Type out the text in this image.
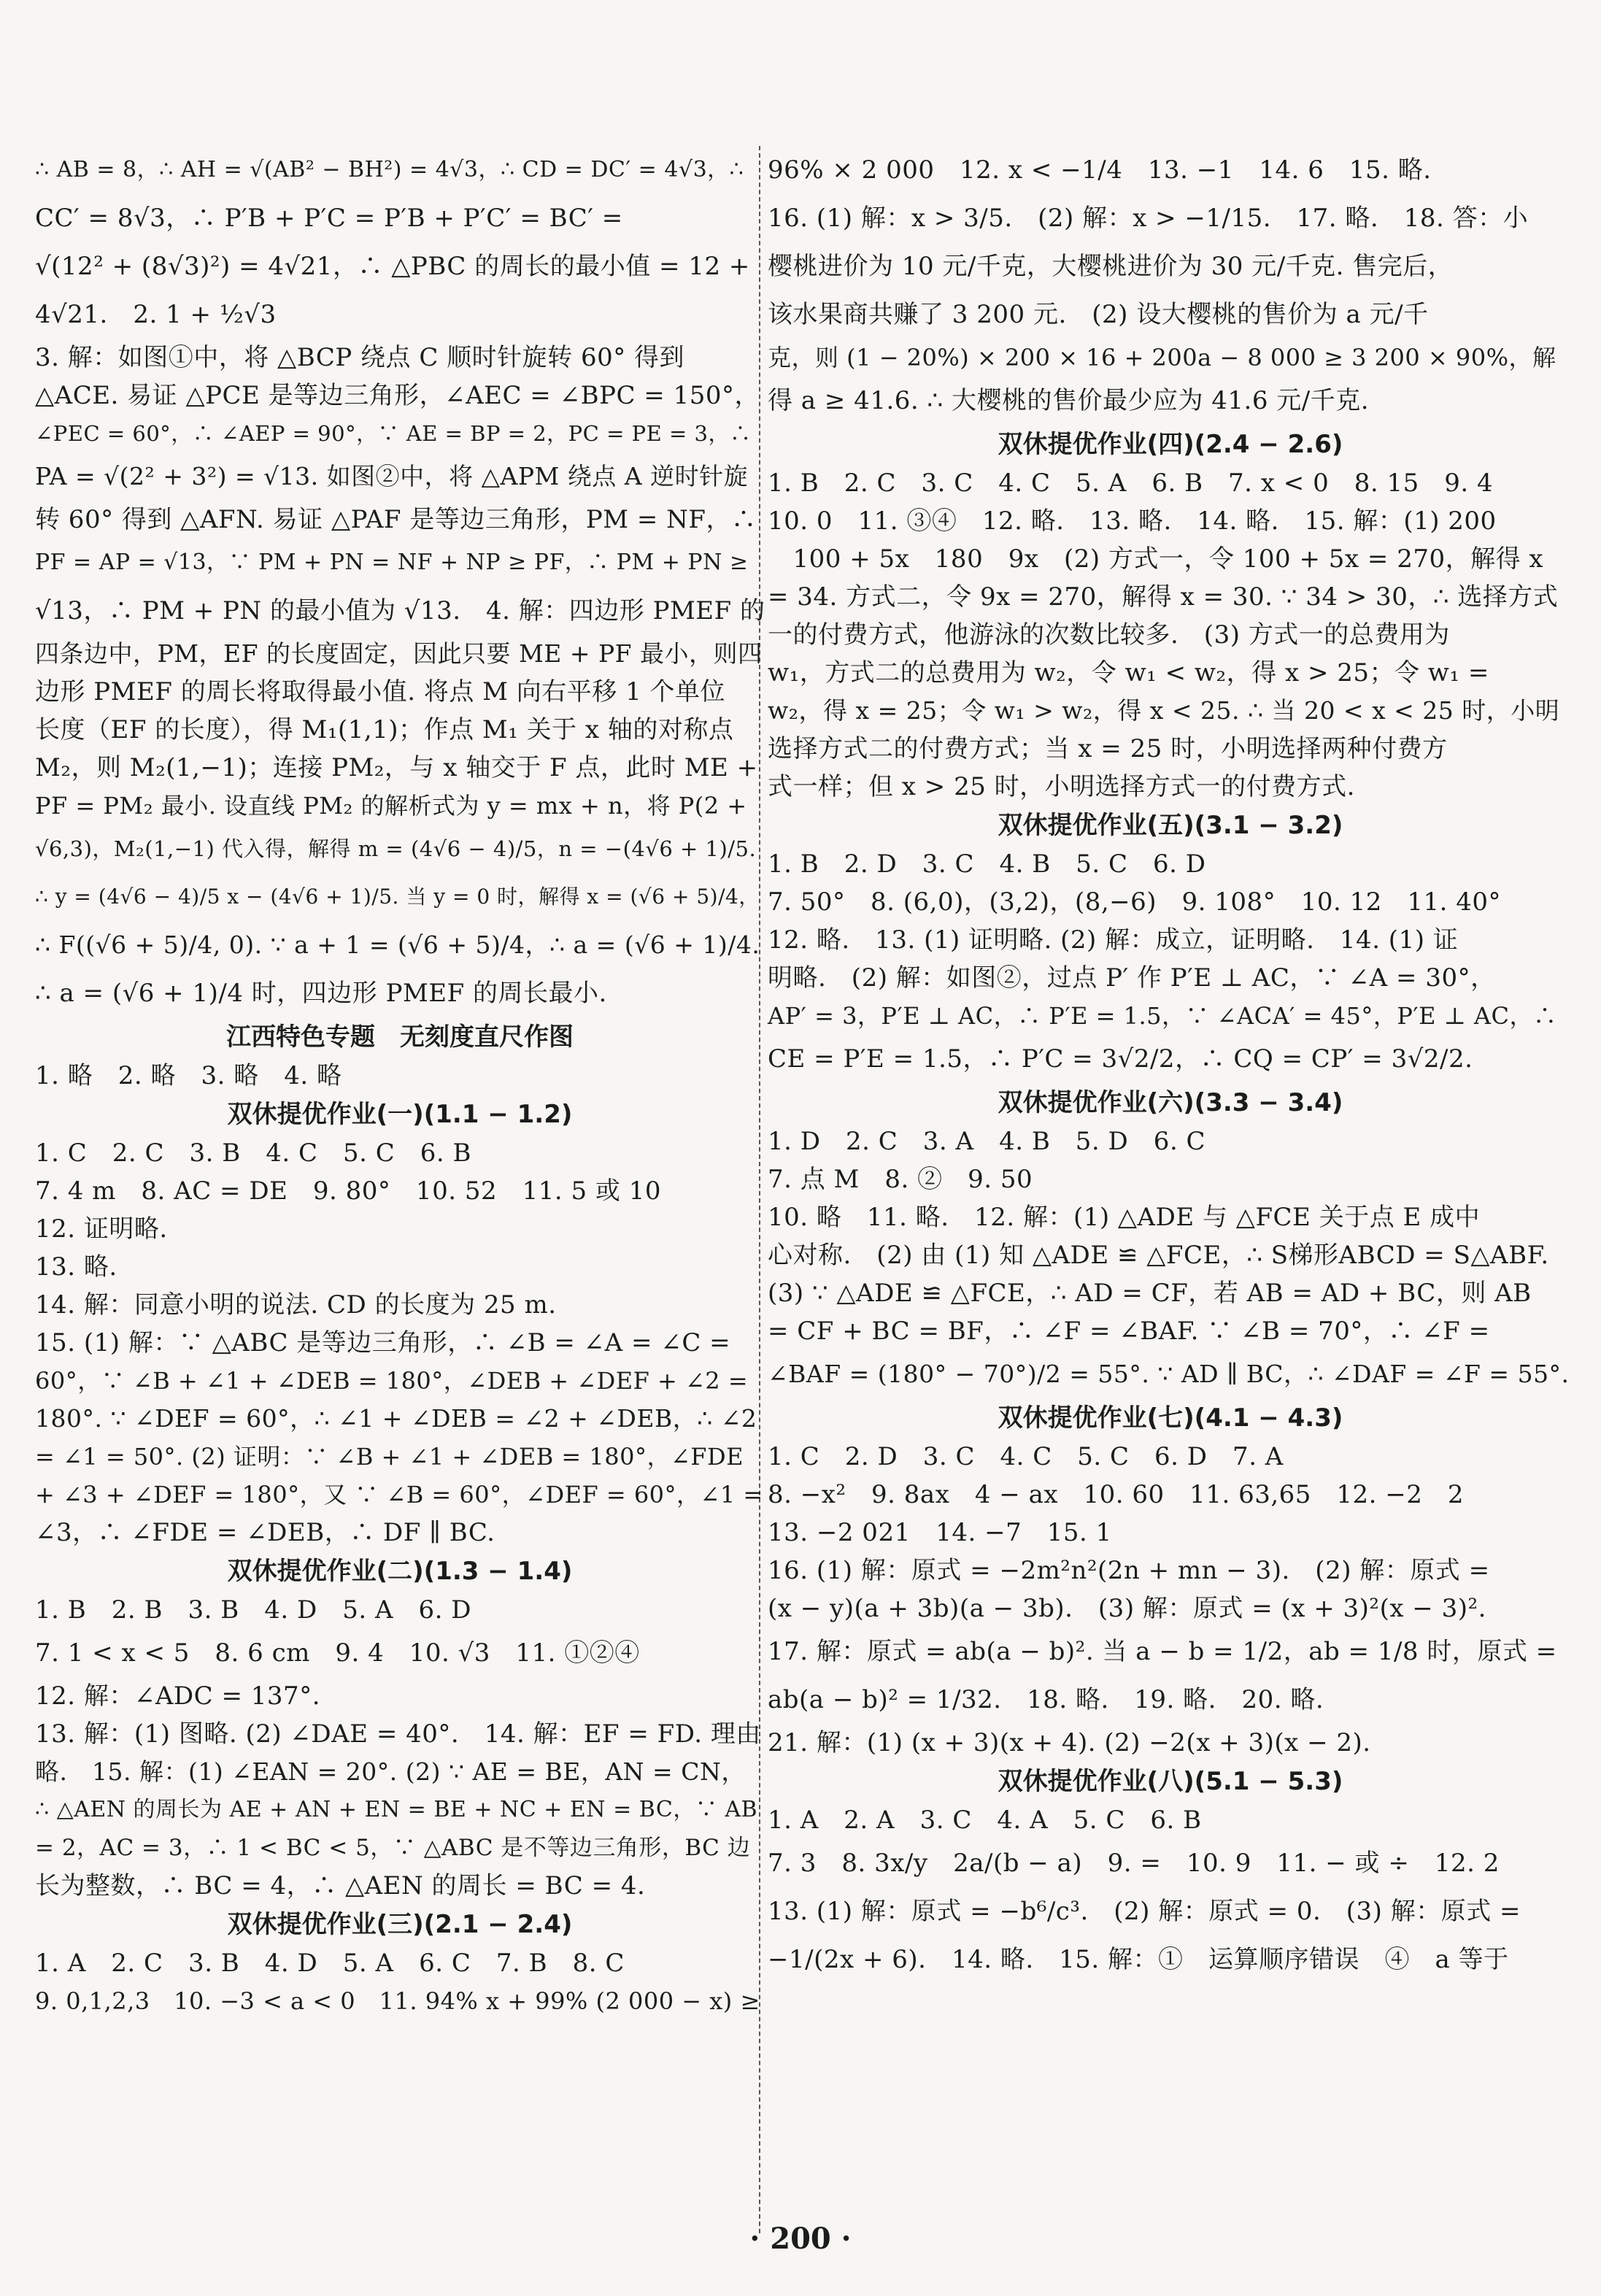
∴ AB = 8，∴ AH = √(AB² − BH²) = 4√3，∴ CD = DC′ = 4√3，∴
CC′ = 8√3，∴ P′B + P′C = P′B + P′C′ = BC′ =
√(12² + (8√3)²) = 4√21，∴ △PBC 的周长的最小值 = 12 +
4√21.　2. 1 + ½√3
3. 解：如图①中，将 △BCP 绕点 C 顺时针旋转 60° 得到
△ACE. 易证 △PCE 是等边三角形，∠AEC = ∠BPC = 150°，
∠PEC = 60°，∴ ∠AEP = 90°，∵ AE = BP = 2，PC = PE = 3，∴
PA = √(2² + 3²) = √13. 如图②中，将 △APM 绕点 A 逆时针旋
转 60° 得到 △AFN. 易证 △PAF 是等边三角形，PM = NF，∴
PF = AP = √13，∵ PM + PN = NF + NP ≥ PF，∴ PM + PN ≥
√13，∴ PM + PN 的最小值为 √13.　4. 解：四边形 PMEF 的
四条边中，PM，EF 的长度固定，因此只要 ME + PF 最小，则四
边形 PMEF 的周长将取得最小值. 将点 M 向右平移 1 个单位
长度（EF 的长度），得 M₁(1,1)；作点 M₁ 关于 x 轴的对称点
M₂，则 M₂(1,−1)；连接 PM₂，与 x 轴交于 F 点，此时 ME +
PF = PM₂ 最小. 设直线 PM₂ 的解析式为 y = mx + n，将 P(2 +
√6,3)，M₂(1,−1) 代入得，解得 m = (4√6 − 4)/5，n = −(4√6 + 1)/5.
∴ y = (4√6 − 4)/5 x − (4√6 + 1)/5. 当 y = 0 时，解得 x = (√6 + 5)/4，
∴ F((√6 + 5)/4, 0). ∵ a + 1 = (√6 + 5)/4，∴ a = (√6 + 1)/4.
∴ a = (√6 + 1)/4 时，四边形 PMEF 的周长最小.
江西特色专题　无刻度直尺作图
1. 略　2. 略　3. 略　4. 略
双休提优作业(一)(1.1 − 1.2)
1. C　2. C　3. B　4. C　5. C　6. B
7. 4 m　8. AC = DE　9. 80°　10. 52　11. 5 或 10
12. 证明略.
13. 略.
14. 解：同意小明的说法. CD 的长度为 25 m.
15. (1) 解：∵ △ABC 是等边三角形，∴ ∠B = ∠A = ∠C =
60°，∵ ∠B + ∠1 + ∠DEB = 180°，∠DEB + ∠DEF + ∠2 =
180°. ∵ ∠DEF = 60°，∴ ∠1 + ∠DEB = ∠2 + ∠DEB，∴ ∠2
= ∠1 = 50°. (2) 证明：∵ ∠B + ∠1 + ∠DEB = 180°，∠FDE
+ ∠3 + ∠DEF = 180°，又 ∵ ∠B = 60°，∠DEF = 60°，∠1 =
∠3，∴ ∠FDE = ∠DEB，∴ DF ∥ BC.
双休提优作业(二)(1.3 − 1.4)
1. B　2. B　3. B　4. D　5. A　6. D
7. 1 < x < 5　8. 6 cm　9. 4　10. √3　11. ①②④
12. 解：∠ADC = 137°.
13. 解：(1) 图略. (2) ∠DAE = 40°.　14. 解：EF = FD. 理由
略.　15. 解：(1) ∠EAN = 20°. (2) ∵ AE = BE，AN = CN，
∴ △AEN 的周长为 AE + AN + EN = BE + NC + EN = BC，∵ AB
= 2，AC = 3，∴ 1 < BC < 5，∵ △ABC 是不等边三角形，BC 边
长为整数，∴ BC = 4，∴ △AEN 的周长 = BC = 4.
双休提优作业(三)(2.1 − 2.4)
1. A　2. C　3. B　4. D　5. A　6. C　7. B　8. C
9. 0,1,2,3　10. −3 < a < 0　11. 94% x + 99% (2 000 − x) ≥
96% × 2 000　12. x < −1/4　13. −1　14. 6　15. 略.
16. (1) 解：x > 3/5.　(2) 解：x > −1/15.　17. 略.　18. 答：小
樱桃进价为 10 元/千克，大樱桃进价为 30 元/千克. 售完后，
该水果商共赚了 3 200 元.　(2) 设大樱桃的售价为 a 元/千
克，则 (1 − 20%) × 200 × 16 + 200a − 8 000 ≥ 3 200 × 90%，解
得 a ≥ 41.6. ∴ 大樱桃的售价最少应为 41.6 元/千克.
双休提优作业(四)(2.4 − 2.6)
1. B　2. C　3. C　4. C　5. A　6. B　7. x < 0　8. 15　9. 4
10. 0　11. ③④　12. 略.　13. 略.　14. 略.　15. 解：(1) 200
　100 + 5x　180　9x　(2) 方式一，令 100 + 5x = 270，解得 x
= 34. 方式二，令 9x = 270，解得 x = 30. ∵ 34 > 30，∴ 选择方式
一的付费方式，他游泳的次数比较多.　(3) 方式一的总费用为
w₁，方式二的总费用为 w₂，令 w₁ < w₂，得 x > 25；令 w₁ =
w₂，得 x = 25；令 w₁ > w₂，得 x < 25. ∴ 当 20 < x < 25 时，小明
选择方式二的付费方式；当 x = 25 时，小明选择两种付费方
式一样；但 x > 25 时，小明选择方式一的付费方式.
双休提优作业(五)(3.1 − 3.2)
1. B　2. D　3. C　4. B　5. C　6. D
7. 50°　8. (6,0)，(3,2)，(8,−6)　9. 108°　10. 12　11. 40°
12. 略.　13. (1) 证明略. (2) 解：成立，证明略.　14. (1) 证
明略.　(2) 解：如图②，过点 P′ 作 P′E ⊥ AC，∵ ∠A = 30°，
AP′ = 3，P′E ⊥ AC，∴ P′E = 1.5，∵ ∠ACA′ = 45°，P′E ⊥ AC，∴
CE = P′E = 1.5，∴ P′C = 3√2/2，∴ CQ = CP′ = 3√2/2.
双休提优作业(六)(3.3 − 3.4)
1. D　2. C　3. A　4. B　5. D　6. C
7. 点 M　8. ②　9. 50
10. 略　11. 略.　12. 解：(1) △ADE 与 △FCE 关于点 E 成中
心对称.　(2) 由 (1) 知 △ADE ≌ △FCE，∴ S梯形ABCD = S△ABF.
(3) ∵ △ADE ≌ △FCE，∴ AD = CF，若 AB = AD + BC，则 AB
= CF + BC = BF，∴ ∠F = ∠BAF. ∵ ∠B = 70°，∴ ∠F =
∠BAF = (180° − 70°)/2 = 55°. ∵ AD ∥ BC，∴ ∠DAF = ∠F = 55°.
双休提优作业(七)(4.1 − 4.3)
1. C　2. D　3. C　4. C　5. C　6. D　7. A
8. −x²　9. 8ax　4 − ax　10. 60　11. 63,65　12. −2　2
13. −2 021　14. −7　15. 1
16. (1) 解：原式 = −2m²n²(2n + mn − 3).　(2) 解：原式 =
(x − y)(a + 3b)(a − 3b).　(3) 解：原式 = (x + 3)²(x − 3)².
17. 解：原式 = ab(a − b)². 当 a − b = 1/2，ab = 1/8 时，原式 =
ab(a − b)² = 1/32.　18. 略.　19. 略.　20. 略.
21. 解：(1) (x + 3)(x + 4). (2) −2(x + 3)(x − 2).
双休提优作业(八)(5.1 − 5.3)
1. A　2. A　3. C　4. A　5. C　6. B
7. 3　8. 3x/y　2a/(b − a)　9. =　10. 9　11. − 或 ÷　12. 2
13. (1) 解：原式 = −b⁶/c³.　(2) 解：原式 = 0.　(3) 解：原式 =
−1/(2x + 6).　14. 略.　15. 解：①　运算顺序错误　④　a 等于
· 200 ·
